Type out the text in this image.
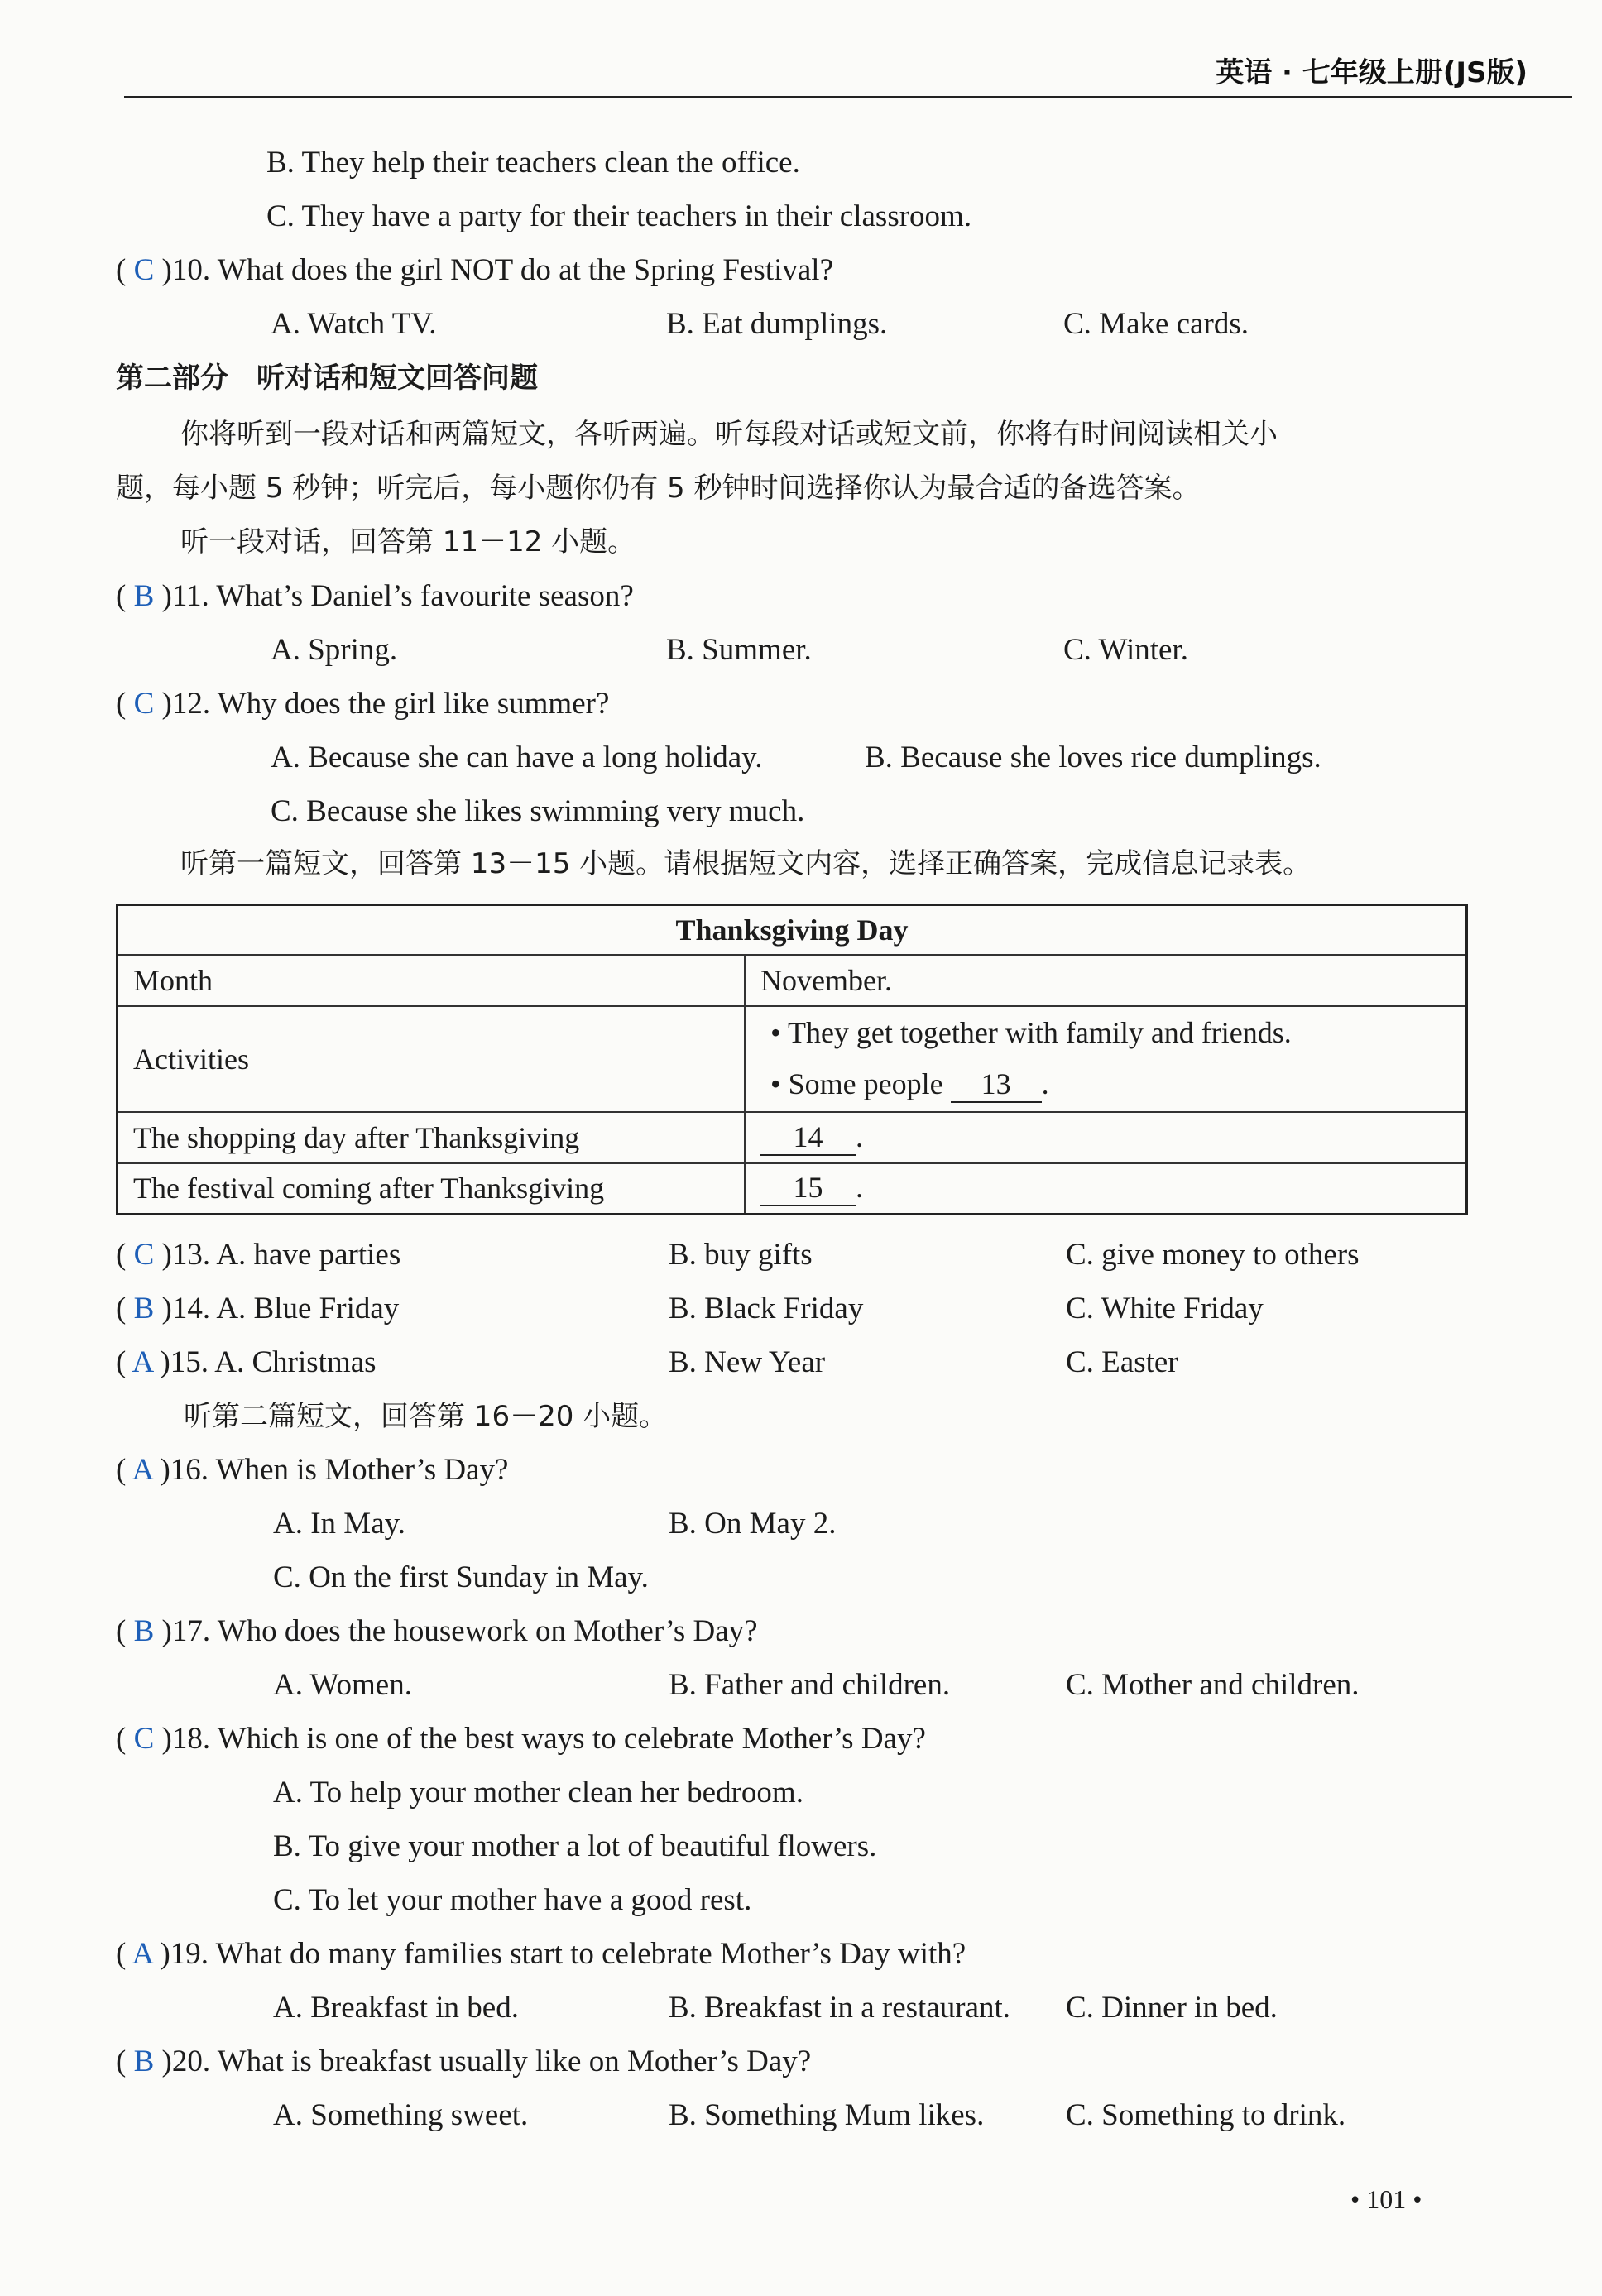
英语 · 七年级上册(JS版)
B. They help their teachers clean the office.
C. They have a party for their teachers in their classroom.
( C )10. What does the girl NOT do at the Spring Festival?
A. Watch TV.	B. Eat dumplings.	C. Make cards.
第二部分　听对话和短文回答问题
你将听到一段对话和两篇短文，各听两遍。听每段对话或短文前，你将有时间阅读相关小
题，每小题 5 秒钟；听完后，每小题你仍有 5 秒钟时间选择你认为最合适的备选答案。
听一段对话，回答第 11－12 小题。
( B )11. What’s Daniel’s favourite season?
A. Spring.	B. Summer.	C. Winter.
( C )12. Why does the girl like summer?
A. Because she can have a long holiday.	B. Because she loves rice dumplings.
C. Because she likes swimming very much.
听第一篇短文，回答第 13－15 小题。请根据短文内容，选择正确答案，完成信息记录表。
Thanksgiving Day	
Month	November.
Activities	• They get together with family and friends.
• Some people 13 .

The shopping day after Thanksgiving	14 .
The festival coming after Thanksgiving	15 .
( C )13. A. have parties	B. buy gifts	C. give money to others
( B )14. A. Blue Friday	B. Black Friday	C. White Friday
( A )15. A. Christmas	B. New Year	C. Easter
听第二篇短文，回答第 16－20 小题。
( A )16. When is Mother’s Day?
A. In May.	B. On May 2.
C. On the first Sunday in May.
( B )17. Who does the housework on Mother’s Day?
A. Women.	B. Father and children.	C. Mother and children.
( C )18. Which is one of the best ways to celebrate Mother’s Day?
A. To help your mother clean her bedroom.
B. To give your mother a lot of beautiful flowers.
C. To let your mother have a good rest.
( A )19. What do many families start to celebrate Mother’s Day with?
A. Breakfast in bed.	B. Breakfast in a restaurant. C. Dinner in bed.
( B )20. What is breakfast usually like on Mother’s Day?
A. Something sweet.	B. Something Mum likes.	C. Something to drink.
• 101 •
